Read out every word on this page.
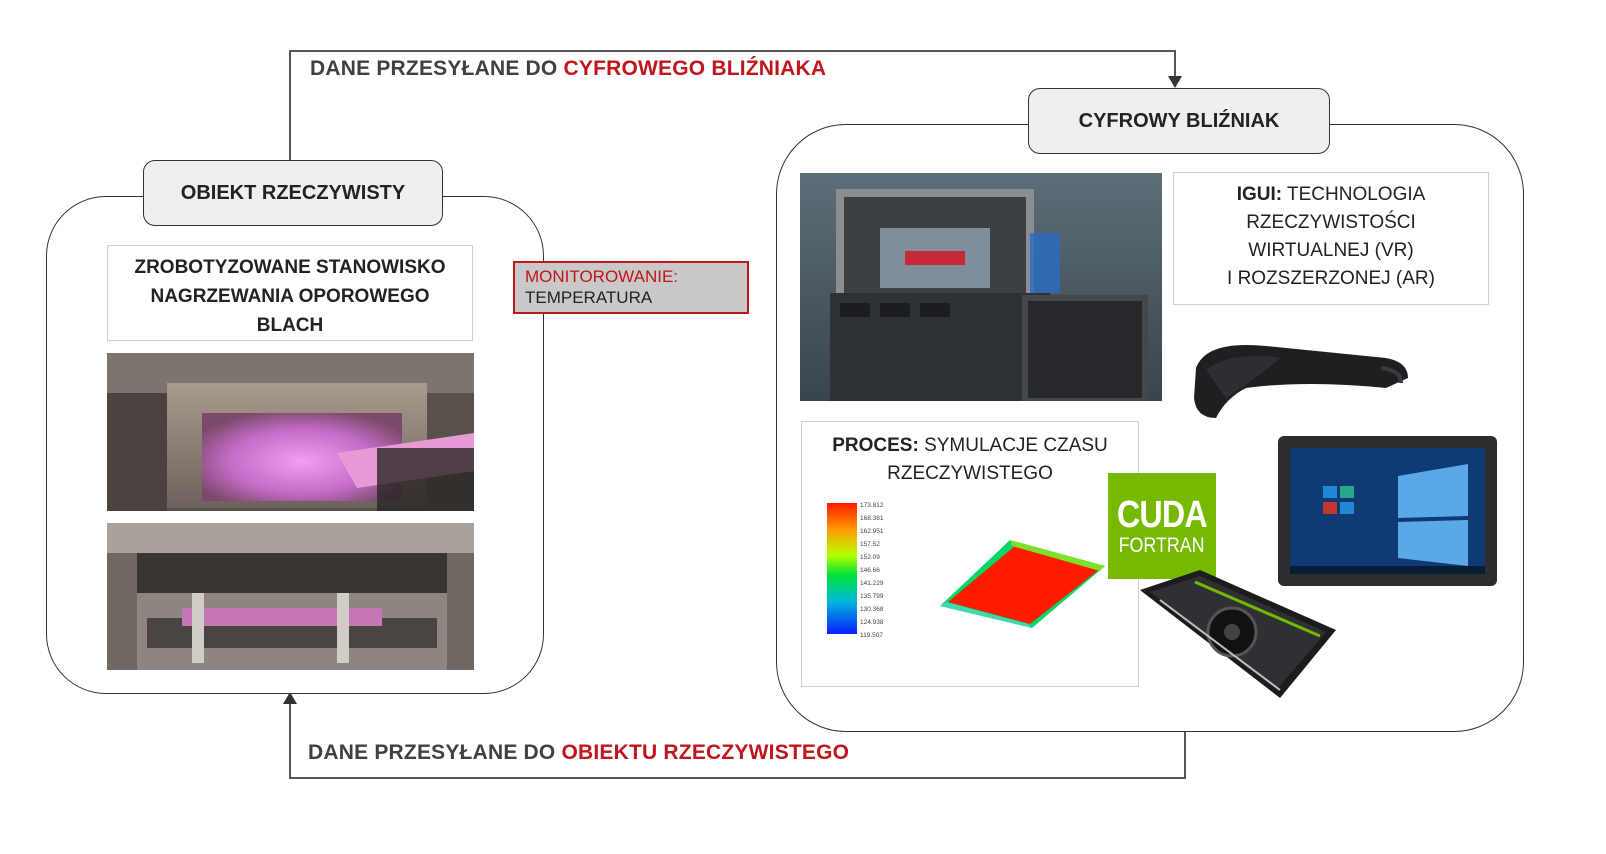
DANE PRZESYŁANE DO CYFROWEGO BLIŹNIAKA
DANE PRZESYŁANE DO OBIEKTU RZECZYWISTEGO
OBIEKT RZECZYWISTY
ZROBOTYZOWANE STANOWISKO
NAGRZEWANIA OPOROWEGO
BLACH
MONITOROWANIE:
TEMPERATURA
CYFROWY BLIŹNIAK
IGUI: TECHNOLOGIA
RZECZYWISTOŚCI
WIRTUALNEJ (VR)
I ROZSZERZONEJ (AR)
PROCES: SYMULACJE CZASU
RZECZYWISTEGO
173.812
168.381
162.951
157.52
152.09
146.66
141.229
135.799
130.368
124.938
119.507
CUDA
FORTRAN
